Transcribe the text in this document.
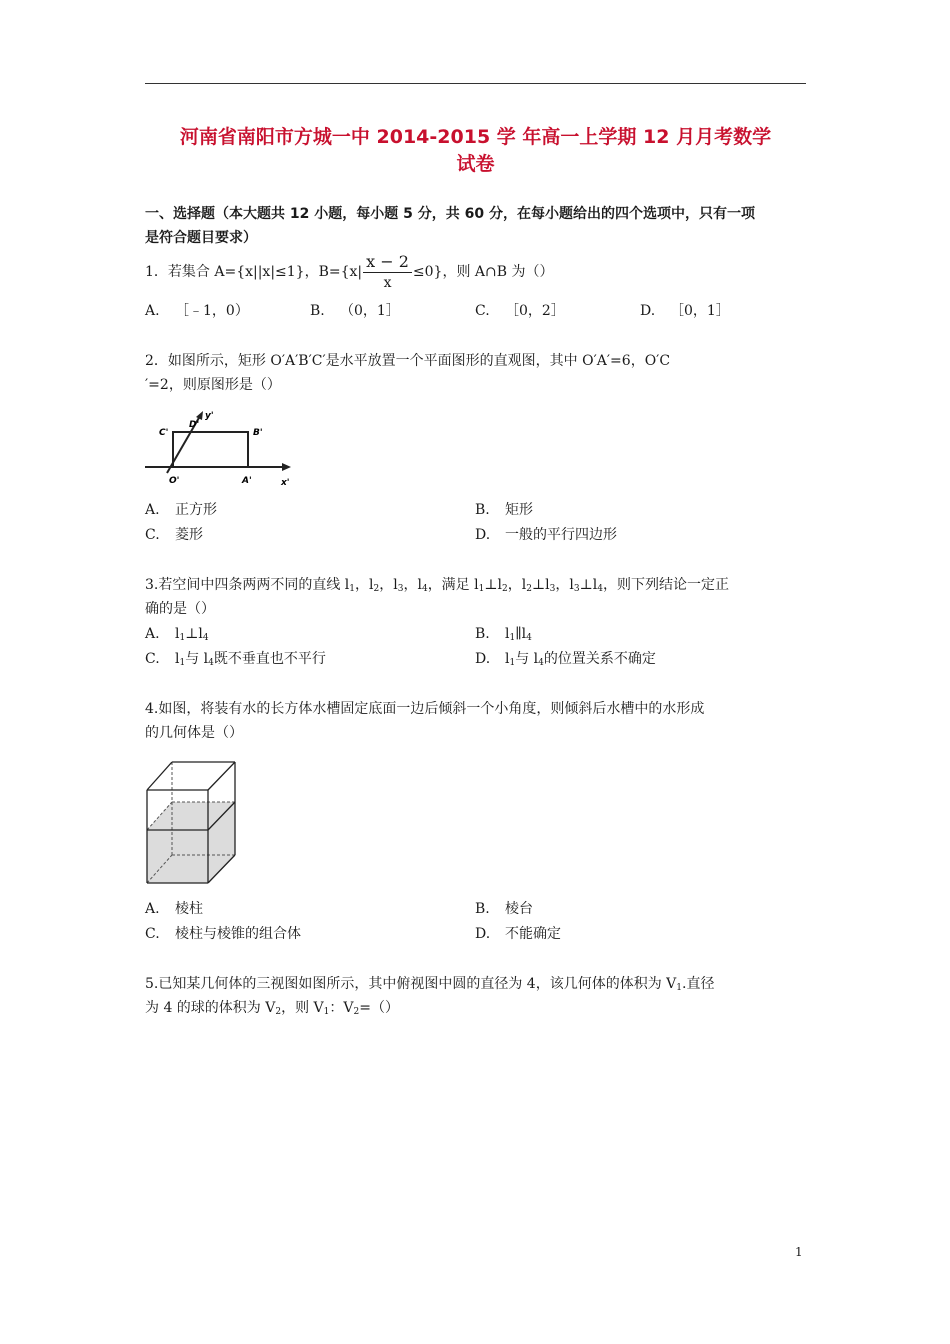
河南省南阳市方城一中 2014-2015 学 年高一上学期 12 月月考数学
试卷
一、选择题（本大题共 12 小题，每小题 5 分，共 60 分，在每小题给出的四个选项中，只有一项
是符合题目要求）
1．若集合 A={x||x|≤1}，$B=\{x| \frac{x - 2}{x} \le 0\}$，则 A∩B 为（）
A. ［﹣1，0）	B. （0，1］	C. ［0，2］	D. ［0，1］
2．如图所示，矩形 O′A′B′C′是水平放置一个平面图形的直观图，其中 O′A′=6，O′C
′=2，则原图形是（）
C'
D'
y'
B'
O'	A'	x'
A. 正方形	B. 矩形
C. 菱形	D. 一般的平行四边形
3.若空间中四条两两不同的直线 $l_1$，$l_2$，$l_3$，$l_4$，满足 $l_1\perp l_2$，$l_2\perp l_3$，$l_3\perp l_4$，则下列结论一定正
确的是（）
A. $l_1\perp l_4$	B. $l_1\parallel l_4$
C. $l_1$与 $l_4$既不垂直也不平行	D. $l_1$与 $l_4$的位置关系不确定
4.如图，将装有水的长方体水槽固定底面一边后倾斜一个小角度，则倾斜后水槽中的水形成
的几何体是（）
A. 棱柱	B. 棱台
C. 棱柱与棱锥的组合体	D. 不能确定
5.已知某几何体的三视图如图所示，其中俯视图中圆的直径为 4，该几何体的体积为 $V_1$.直径
为 4 的球的体积为 $V_2$，则 $V_1$：$V_2=()$
1
